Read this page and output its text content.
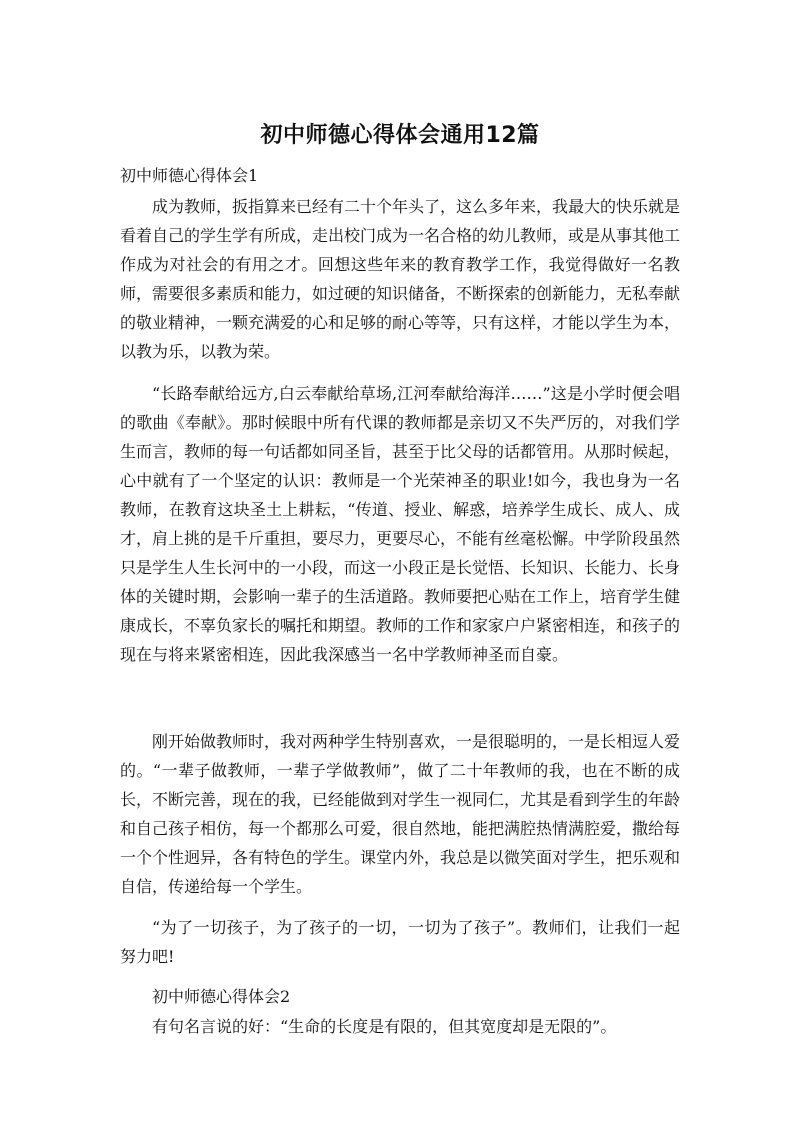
初中师德心得体会通用12篇
初中师德心得体会1

成为教师，扳指算来已经有二十个年头了，这么多年来，我最大的快乐就是看着自己的学生学有所成，走出校门成为一名合格的幼儿教师，或是从事其他工作成为对社会的有用之才。回想这些年来的教育教学工作，我觉得做好一名教师，需要很多素质和能力，如过硬的知识储备，不断探索的创新能力，无私奉献的敬业精神，一颗充满爱的心和足够的耐心等等，只有这样，才能以学生为本，以教为乐，以教为荣。

“长路奉献给远方,白云奉献给草场,江河奉献给海洋……”这是小学时便会唱的歌曲《奉献》。那时候眼中所有代课的教师都是亲切又不失严厉的，对我们学生而言，教师的每一句话都如同圣旨，甚至于比父母的话都管用。从那时候起，心中就有了一个坚定的认识：教师是一个光荣神圣的职业!如今，我也身为一名教师，在教育这块圣土上耕耘，“传道、授业、解惑，培养学生成长、成人、成才，肩上挑的是千斤重担，要尽力，更要尽心，不能有丝毫松懈。中学阶段虽然只是学生人生长河中的一小段，而这一小段正是长觉悟、长知识、长能力、长身体的关键时期，会影响一辈子的生活道路。教师要把心贴在工作上，培育学生健康成长，不辜负家长的嘱托和期望。教师的工作和家家户户紧密相连，和孩子的现在与将来紧密相连，因此我深感当一名中学教师神圣而自豪。

刚开始做教师时，我对两种学生特别喜欢，一是很聪明的，一是长相逗人爱的。“一辈子做教师，一辈子学做教师”，做了二十年教师的我，也在不断的成长，不断完善，现在的我，已经能做到对学生一视同仁，尤其是看到学生的年龄和自己孩子相仿，每一个都那么可爱，很自然地，能把满腔热情满腔爱，撒给每一个个性迥异，各有特色的学生。课堂内外，我总是以微笑面对学生，把乐观和自信，传递给每一个学生。

“为了一切孩子，为了孩子的一切，一切为了孩子”。教师们，让我们一起努力吧!

初中师德心得体会2

有句名言说的好：“生命的长度是有限的，但其宽度却是无限的”。
